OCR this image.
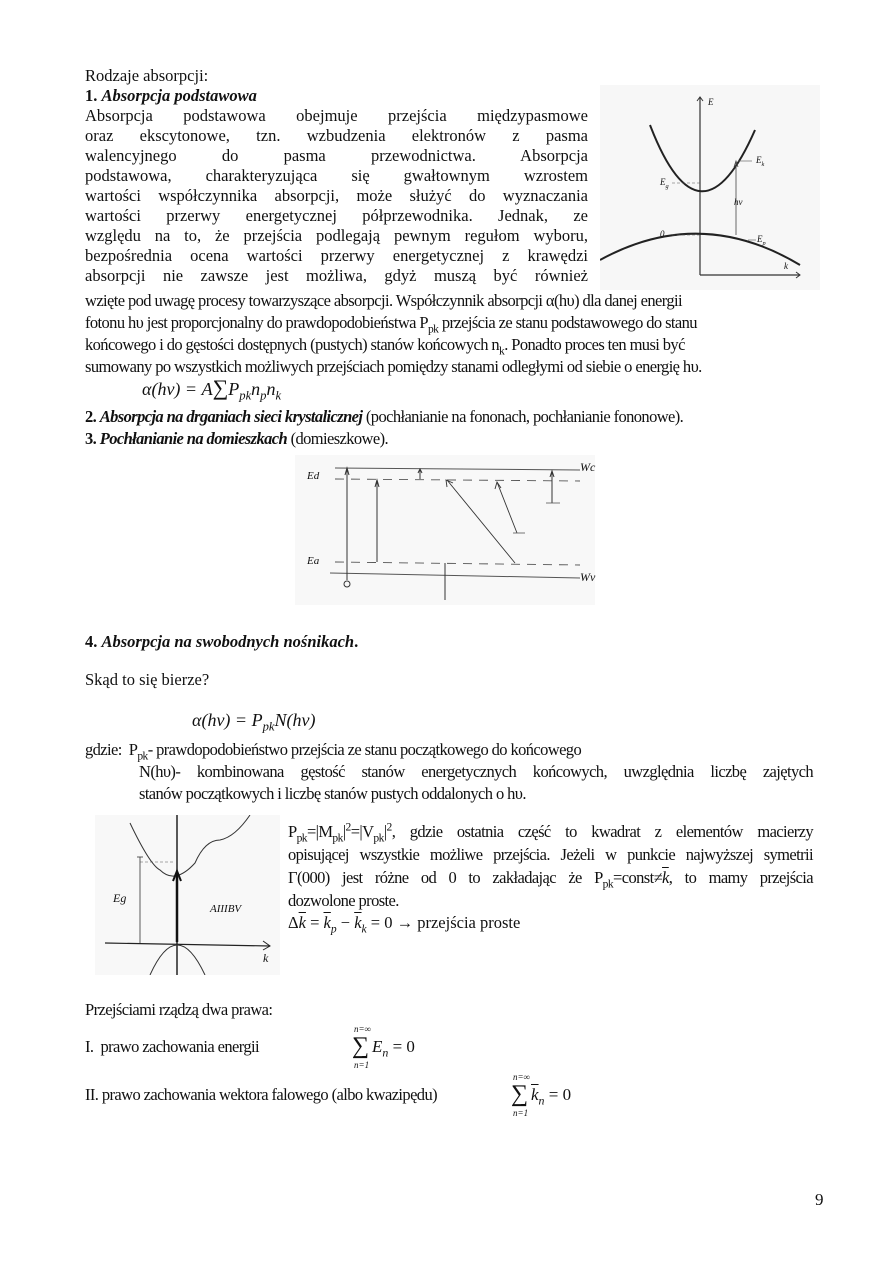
Rodzaje absorpcji:
1. Absorpcja podstawowa
Absorpcja podstawowa obejmuje przejścia międzypasmowe
oraz ekscytonowe, tzn. wzbudzenia elektronów z pasma
walencyjnego do pasma przewodnictwa. Absorpcja
podstawowa, charakteryzująca się gwałtownym wzrostem
wartości współczynnika absorpcji, może służyć do wyznaczania
wartości przerwy energetycznej półprzewodnika. Jednak, ze
względu na to, że przejścia podlegają pewnym regułom wyboru,
bezpośrednia ocena wartości przerwy energetycznej z krawędzi
absorpcji nie zawsze jest możliwa, gdyż muszą być również
wzięte pod uwagę procesy towarzyszące absorpcji. Współczynnik absorpcji α(hυ) dla danej energii
fotonu hυ jest proporcjonalny do prawdopodobieństwa $P_{pk}$ przejścia ze stanu podstawowego do stanu
końcowego i do gęstości dostępnych (pustych) stanów końcowych $n_k$. Ponadto proces ten musi być
sumowany po wszystkich możliwych przejściach pomiędzy stanami odległymi od siebie o energię hυ.
$\alpha(h\nu) = A\sum P_{pk}n_pn_k$
E
$E_k$
$E_g$
hv
0	$E_p$
k
2. Absorpcja na drganiach sieci krystalicznej (pochłanianie na fononach, pochłanianie fononowe).
3. Pochłanianie na domieszkach (domieszkowe).
Ed
Ea
Wc
Wv
4. Absorpcja na swobodnych nośnikach.
Skąd to się bierze?
$\alpha(h\nu) = P_{pk}N(h\nu)$
gdzie: $P_{pk}-$ prawdopodobieństwo przejścia ze stanu początkowego do końcowego
N(hυ)- kombinowana gęstość stanów energetycznych końcowych, uwzględnia liczbę zajętych
stanów początkowych i liczbę stanów pustych oddalonych o hυ.
Eg
AIIIBV
k
$P_{pk}=|M_{pk}|^2=|V_{pk}|^2$, gdzie ostatnia część to kwadrat z elementów macierzy
opisującej wszystkie możliwe przejścia. Jeżeli w punkcie najwyższej symetrii
Γ(000) jest różne od 0 to zakładając że $P_{pk}=const\ne\overline{k}$, to mamy przejścia
dozwolone proste.
$\Delta\overline{k} = \overline{k}_p - \overline{k}_k = 0$ → przejścia proste
Przejściami rządzą dwa prawa:
I. prawo zachowania energii
n=∞
∑
n=1
$E_n = 0$
II. prawo zachowania wektora falowego (albo kwazipędu)
n=∞
∑
n=1
$\overline{k}_n = 0$
9
